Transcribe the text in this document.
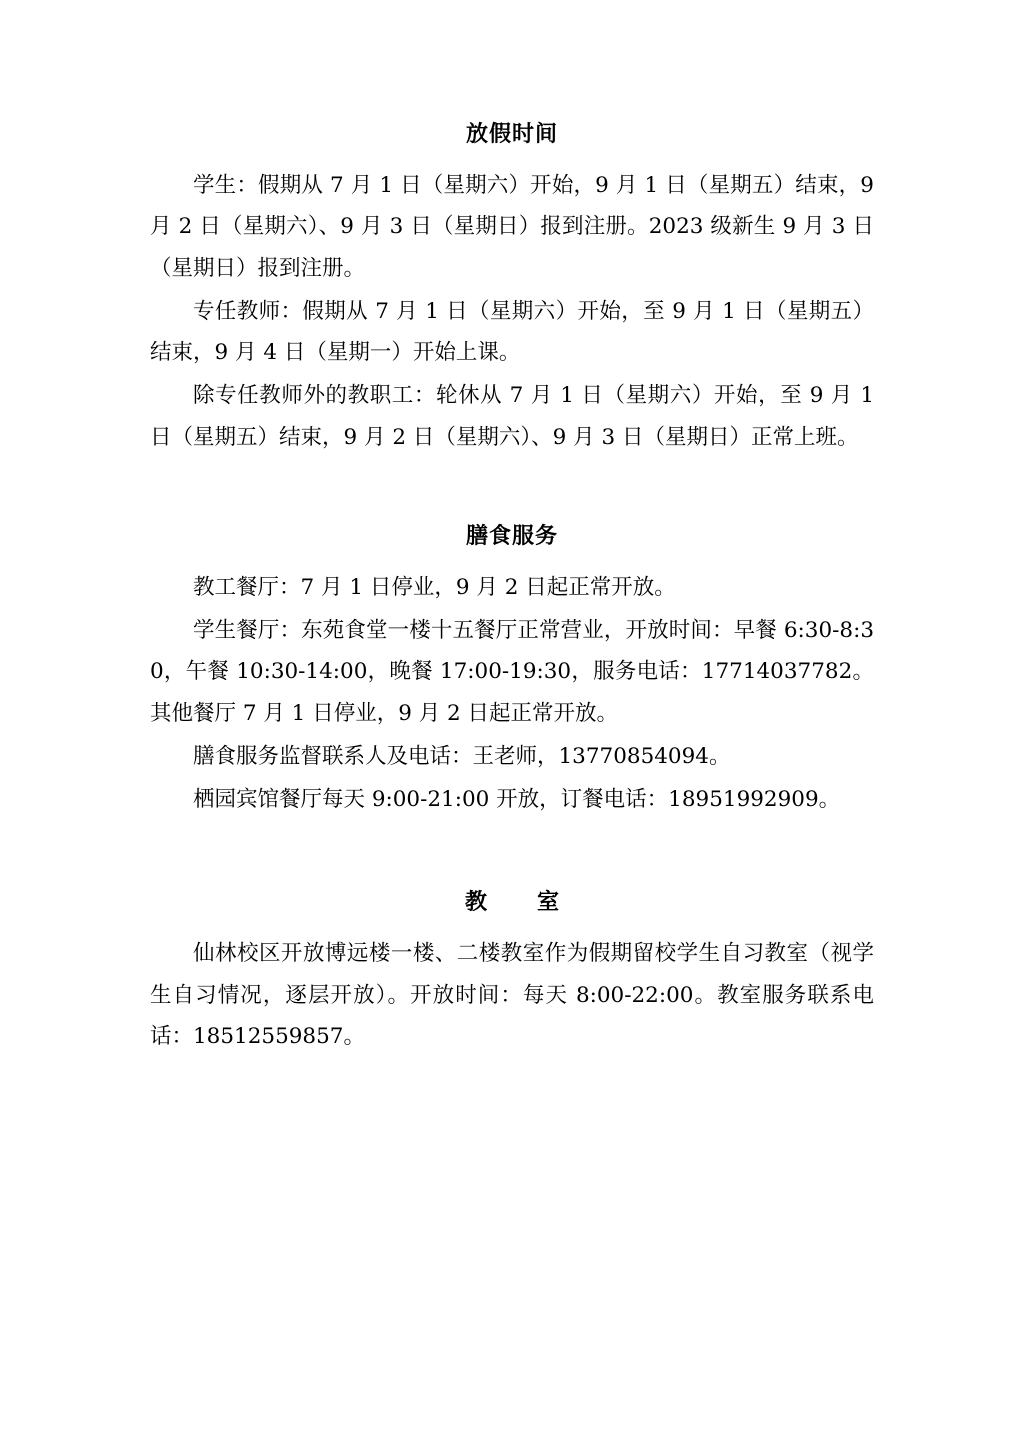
放假时间

学生：假期从 7 月 1 日（星期六）开始，9 月 1 日（星期五）结束，9 月 2 日（星期六）、9 月 3 日（星期日）报到注册。2023 级新生 9 月 3 日（星期日）报到注册。

专任教师：假期从 7 月 1 日（星期六）开始，至 9 月 1 日（星期五）结束，9 月 4 日（星期一）开始上课。

除专任教师外的教职工：轮休从 7 月 1 日（星期六）开始，至 9 月 1 日（星期五）结束，9 月 2 日（星期六）、9 月 3 日（星期日）正常上班。

膳食服务

教工餐厅：7 月 1 日停业，9 月 2 日起正常开放。

学生餐厅：东苑食堂一楼十五餐厅正常营业，开放时间：早餐 6:30-8:30，午餐 10:30-14:00，晚餐 17:00-19:30，服务电话：17714037782。其他餐厅 7 月 1 日停业，9 月 2 日起正常开放。

膳食服务监督联系人及电话：王老师，13770854094。

栖园宾馆餐厅每天 9:00-21:00 开放，订餐电话：18951992909。

教　室

仙林校区开放博远楼一楼、二楼教室作为假期留校学生自习教室（视学生自习情况，逐层开放）。开放时间：每天 8:00-22:00。教室服务联系电话：18512559857。
